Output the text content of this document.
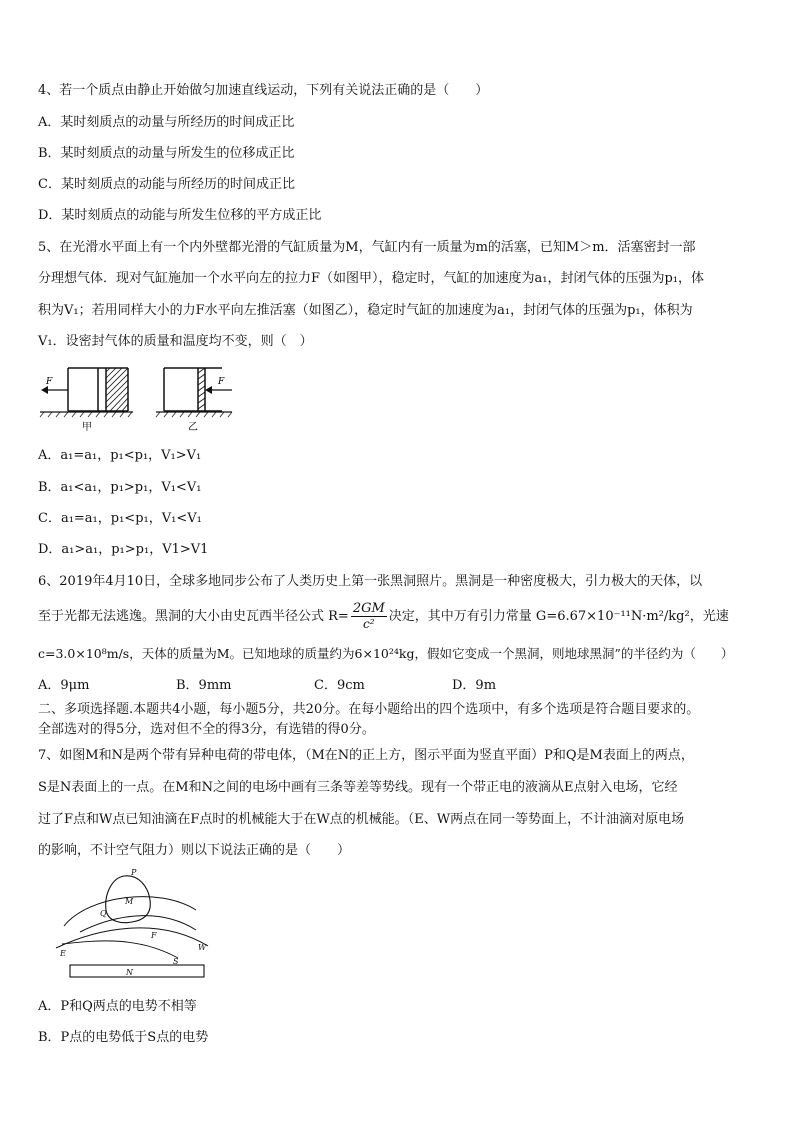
4、若一个质点由静止开始做匀加速直线运动，下列有关说法正确的是（　　）
A．某时刻质点的动量与所经历的时间成正比
B．某时刻质点的动量与所发生的位移成正比
C．某时刻质点的动能与所经历的时间成正比
D．某时刻质点的动能与所发生位移的平方成正比
5、在光滑水平面上有一个内外壁都光滑的气缸质量为M，气缸内有一质量为m的活塞，已知M＞m．活塞密封一部
分理想气体．现对气缸施加一个水平向左的拉力F（如图甲），稳定时，气缸的加速度为a₁，封闭气体的压强为p₁，体
积为V₁；若用同样大小的力F水平向左推活塞（如图乙），稳定时气缸的加速度为a₁，封闭气体的压强为p₁，体积为
V₁．设密封气体的质量和温度均不变，则（　）
F
甲
F
乙
A．a₁=a₁，p₁<p₁，V₁>V₁
B．a₁<a₁，p₁>p₁，V₁<V₁
C．a₁=a₁，p₁<p₁，V₁<V₁
D．a₁>a₁，p₁>p₁，V1>V1
6、2019年4月10日，全球多地同步公布了人类历史上第一张黑洞照片。黑洞是一种密度极大，引力极大的天体，以
至于光都无法逃逸。黑洞的大小由史瓦西半径公式 $R= \frac{2GM}{\text{c²}}$ 决定，其中万有引力常量 G=6.67×10⁻¹¹N·m²/kg²，光速
c=3.0×10⁸m/s，天体的质量为M。已知地球的质量约为6×10²⁴kg，假如它变成一个黑洞，则地球黑洞”的半径约为（　　）
A．9μm	B．9mm	C．9cm	D．9m
二、多项选择题.本题共4小题，每小题5分，共20分。在每小题给出的四个选项中，有多个选项是符合题目要求的。
全部选对的得5分，选对但不全的得3分，有选错的得0分。
7、如图M和N是两个带有异种电荷的带电体，（M在N的正上方，图示平面为竖直平面）P和Q是M表面上的两点，
S是N表面上的一点。在M和N之间的电场中画有三条等差等势线。现有一个带正电的液滴从E点射入电场，它经
过了F点和W点已知油滴在F点时的机械能大于在W点的机械能。（E、W两点在同一等势面上，不计油滴对原电场
的影响，不计空气阻力）则以下说法正确的是（　　）
P
M
Q
F
W
E
S
N
A．P和Q两点的电势不相等
B．P点的电势低于S点的电势
